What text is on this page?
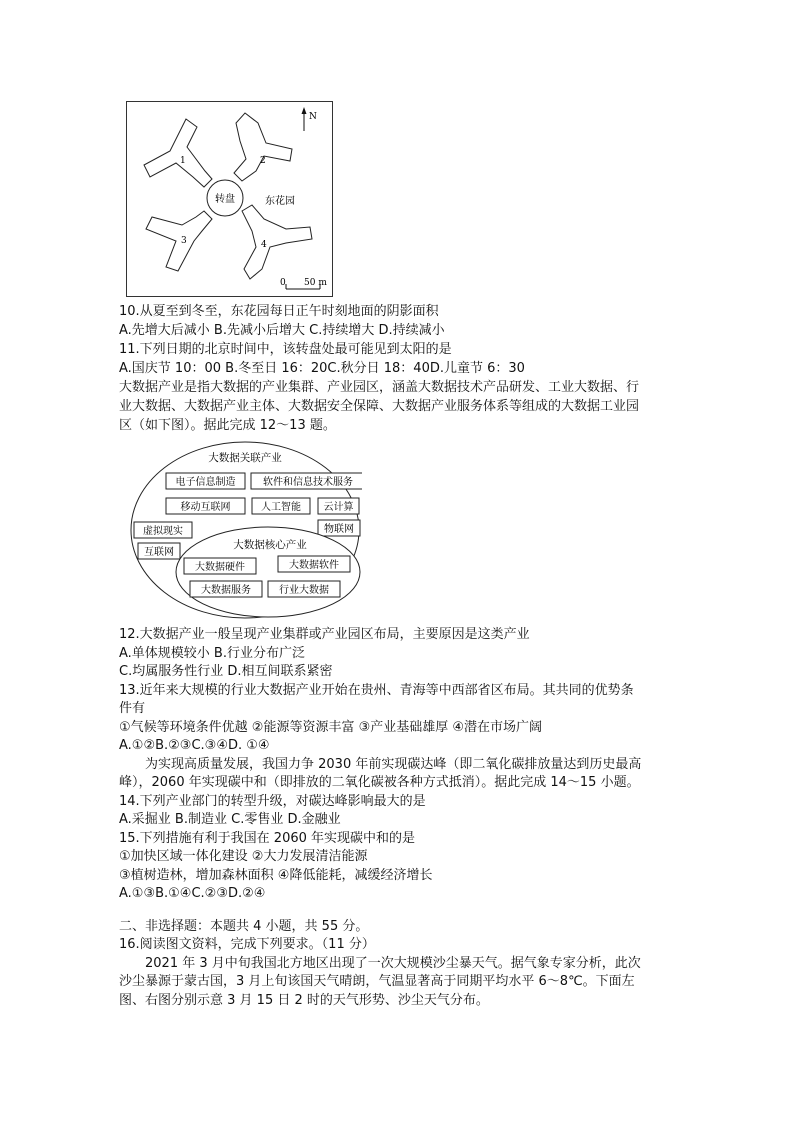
N
1	2
3	4
转盘	东花园
0 50 m
10.从夏至到冬至，东花园每日正午时刻地面的阴影面积
A.先增大后减小 B.先减小后增大 C.持续增大 D.持续减小
11.下列日期的北京时间中，该转盘处最可能见到太阳的是
A.国庆节 10：00 B.冬至日 16：20C.秋分日 18：40D.儿童节 6：30
大数据产业是指大数据的产业集群、产业园区，涵盖大数据技术产品研发、工业大数据、行
业大数据、大数据产业主体、大数据安全保障、大数据产业服务体系等组成的大数据工业园
区（如下图）。据此完成 12～13 题。
大数据关联产业
电子信息制造	软件和信息技术服务
移动互联网	人工智能 云计算
虚拟现实	物联网
互联网
大数据核心产业
大数据硬件	大数据软件
大数据服务	行业大数据
12.大数据产业一般呈现产业集群或产业园区布局，主要原因是这类产业
A.单体规模较小 B.行业分布广泛
C.均属服务性行业 D.相互间联系紧密
13.近年来大规模的行业大数据产业开始在贵州、青海等中西部省区布局。其共同的优势条
件有
①气候等环境条件优越 ②能源等资源丰富 ③产业基础雄厚 ④潜在市场广阔
A.①②B.②③C.③④D. ①④
　　为实现高质量发展，我国力争 2030 年前实现碳达峰（即二氧化碳排放量达到历史最高
峰），2060 年实现碳中和（即排放的二氧化碳被各种方式抵消）。据此完成 14～15 小题。
14.下列产业部门的转型升级，对碳达峰影响最大的是
A.采掘业 B.制造业 C.零售业 D.金融业
15.下列措施有利于我国在 2060 年实现碳中和的是
①加快区域一体化建设 ②大力发展清洁能源
③植树造林，增加森林面积 ④降低能耗，减缓经济增长
A.①③B.①④C.②③D.②④
二、非选择题：本题共 4 小题，共 55 分。
16.阅读图文资料，完成下列要求。（11 分）
　　2021 年 3 月中旬我国北方地区出现了一次大规模沙尘暴天气。据气象专家分析，此次
沙尘暴源于蒙古国，3 月上旬该国天气晴朗，气温显著高于同期平均水平 6～8℃。下面左
图、右图分别示意 3 月 15 日 2 时的天气形势、沙尘天气分布。
